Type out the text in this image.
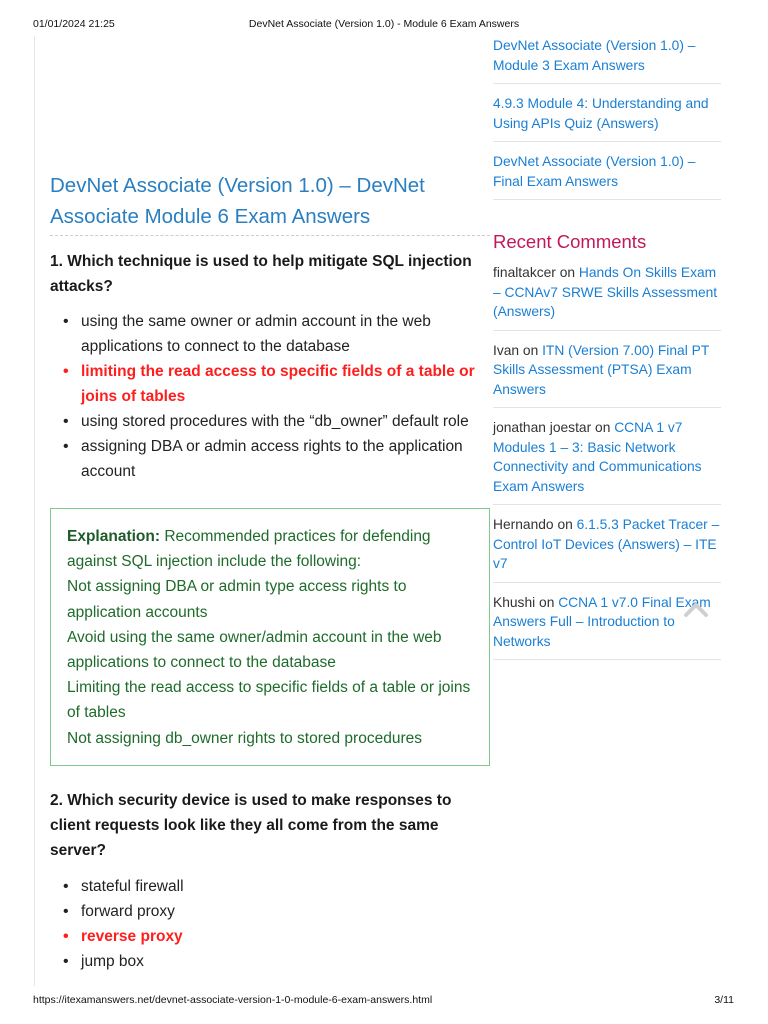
01/01/2024 21:25	DevNet Associate (Version 1.0) - Module 6 Exam Answers
DevNet Associate (Version 1.0) – DevNet Associate Module 6 Exam Answers
1. Which technique is used to help mitigate SQL injection attacks?
• using the same owner or admin account in the web applications to connect to the database
• limiting the read access to specific fields of a table or joins of tables
• using stored procedures with the “db_owner” default role
• assigning DBA or admin access rights to the application account
Explanation: Recommended practices for defending against SQL injection include the following:
Not assigning DBA or admin type access rights to application accounts
Avoid using the same owner/admin account in the web applications to connect to the database
Limiting the read access to specific fields of a table or joins of tables
Not assigning db_owner rights to stored procedures
2. Which security device is used to make responses to client requests look like they all come from the same server?
• stateful firewall
• forward proxy
• reverse proxy
• jump box
DevNet Associate (Version 1.0) – Module 3 Exam Answers
4.9.3 Module 4: Understanding and Using APIs Quiz (Answers)
DevNet Associate (Version 1.0) – Final Exam Answers
Recent Comments
finaltakcer on Hands On Skills Exam – CCNAv7 SRWE Skills Assessment (Answers)
Ivan on ITN (Version 7.00) Final PT Skills Assessment (PTSA) Exam Answers
jonathan joestar on CCNA 1 v7 Modules 1 – 3: Basic Network Connectivity and Communications Exam Answers
Hernando on 6.1.5.3 Packet Tracer – Control IoT Devices (Answers) – ITE v7
Khushi on CCNA 1 v7.0 Final Exam Answers Full – Introduction to Networks
https://itexamanswers.net/devnet-associate-version-1-0-module-6-exam-answers.html	3/11
